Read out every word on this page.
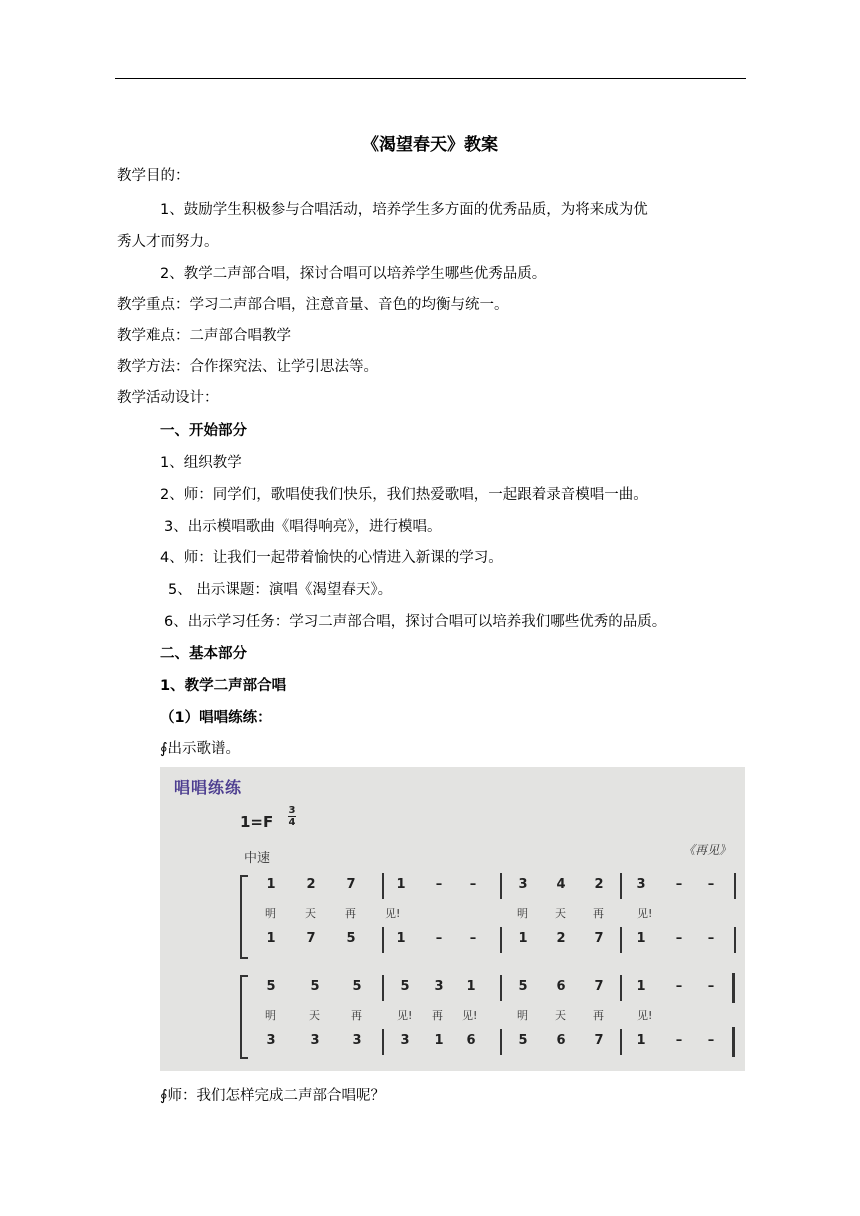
《渴望春天》教案
教学目的：
1、鼓励学生积极参与合唱活动，培养学生多方面的优秀品质，为将来成为优
秀人才而努力。
2、教学二声部合唱，探讨合唱可以培养学生哪些优秀品质。
教学重点：学习二声部合唱，注意音量、音色的均衡与统一。
教学难点：二声部合唱教学
教学方法：合作探究法、让学引思法等。
教学活动设计：
一、开始部分
1、组织教学
2、师：同学们，歌唱使我们快乐，我们热爱歌唱，一起跟着录音模唱一曲。
3、出示模唱歌曲《唱得响亮》，进行模唱。
4、师：让我们一起带着愉快的心情进入新课的学习。
5、 出示课题：演唱《渴望春天》。
6、出示学习任务：学习二声部合唱，探讨合唱可以培养我们哪些优秀的品质。
二、基本部分
1、教学二声部合唱
（1）唱唱练练：
∮出示歌谱。
唱唱练练
1=F
3
4
中速
《再见》
1 2 7	1 – –	3 4 2	3 – –
明	天	再	见!	明 天 再	见!
1 7 5	1 – –	1 2 7	1 – –
5	5	5	5 3 1	5 6 7	1 – –
明	天	再	见! 再 见!	明 天 再	见!
3	3	3	3 1 6	5 6 7	1 – –
∮师：我们怎样完成二声部合唱呢？
